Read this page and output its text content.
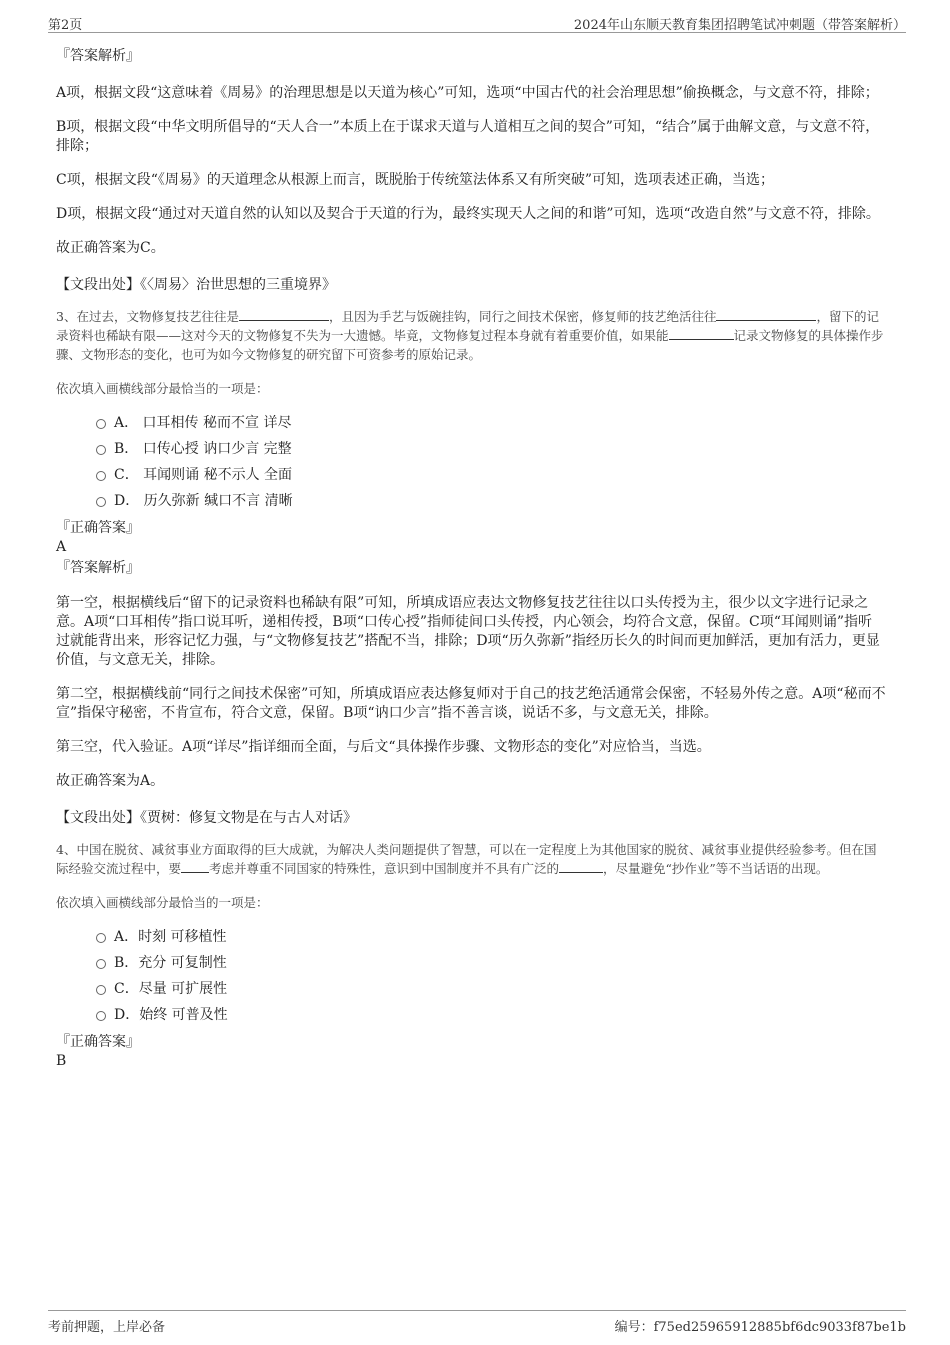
第2页	2024年山东顺天教育集团招聘笔试冲刺题（带答案解析）

『答案解析』

A项，根据文段“这意味着《周易》的治理思想是以天道为核心”可知，选项“中国古代的社会治理思想”偷换概念，与文意不符，排除；

B项，根据文段“中华文明所倡导的“天人合一”本质上在于谋求天道与人道相互之间的契合”可知，“结合”属于曲解文意，与文意不符，排除；

C项，根据文段“《周易》的天道理念从根源上而言，既脱胎于传统筮法体系又有所突破”可知，选项表述正确，当选；

D项，根据文段“通过对天道自然的认知以及契合于天道的行为，最终实现天人之间的和谐”可知，选项“改造自然”与文意不符，排除。

故正确答案为C。

【文段出处】《〈周易〉治世思想的三重境界》

3、在过去，文物修复技艺往往是	，且因为手艺与饭碗挂钩，同行之间技术保密，修复师的技艺绝活往往	，留下的记录资料也稀缺有限——这对今天的文物修复不失为一大遗憾。毕竟，文物修复过程本身就有着重要价值，如果能	记录文物修复的具体操作步骤、文物形态的变化，也可为如今文物修复的研究留下可资参考的原始记录。

依次填入画横线部分最恰当的一项是：

A． 口耳相传 秘而不宣 详尽
B． 口传心授 讷口少言 完整
C． 耳闻则诵 秘不示人 全面
D． 历久弥新 缄口不言 清晰

『正确答案』

A

『答案解析』

第一空，根据横线后“留下的记录资料也稀缺有限”可知，所填成语应表达文物修复技艺往往以口头传授为主，很少以文字进行记录之意。A项“口耳相传”指口说耳听，递相传授，B项“口传心授”指师徒间口头传授，内心领会，均符合文意，保留。C项“耳闻则诵”指听过就能背出来，形容记忆力强，与“文物修复技艺”搭配不当，排除；D项“历久弥新”指经历长久的时间而更加鲜活，更加有活力，更显价值，与文意无关，排除。

第二空，根据横线前“同行之间技术保密”可知，所填成语应表达修复师对于自己的技艺绝活通常会保密，不轻易外传之意。A项“秘而不宣”指保守秘密，不肯宣布，符合文意，保留。B项“讷口少言”指不善言谈，说话不多，与文意无关，排除。

第三空，代入验证。A项“详尽”指详细而全面，与后文“具体操作步骤、文物形态的变化”对应恰当，当选。

故正确答案为A。

【文段出处】《贾树：修复文物是在与古人对话》

4、中国在脱贫、减贫事业方面取得的巨大成就，为解决人类问题提供了智慧，可以在一定程度上为其他国家的脱贫、减贫事业提供经验参考。但在国际经验交流过程中，要 考虑并尊重不同国家的特殊性，意识到中国制度并不具有广泛的	，尽量避免“抄作业”等不当话语的出现。

依次填入画横线部分最恰当的一项是：

A．时刻 可移植性
B．充分 可复制性
C．尽量 可扩展性
D．始终 可普及性

『正确答案』

B

考前押题，上岸必备	编号：f75ed25965912885bf6dc9033f87be1b
